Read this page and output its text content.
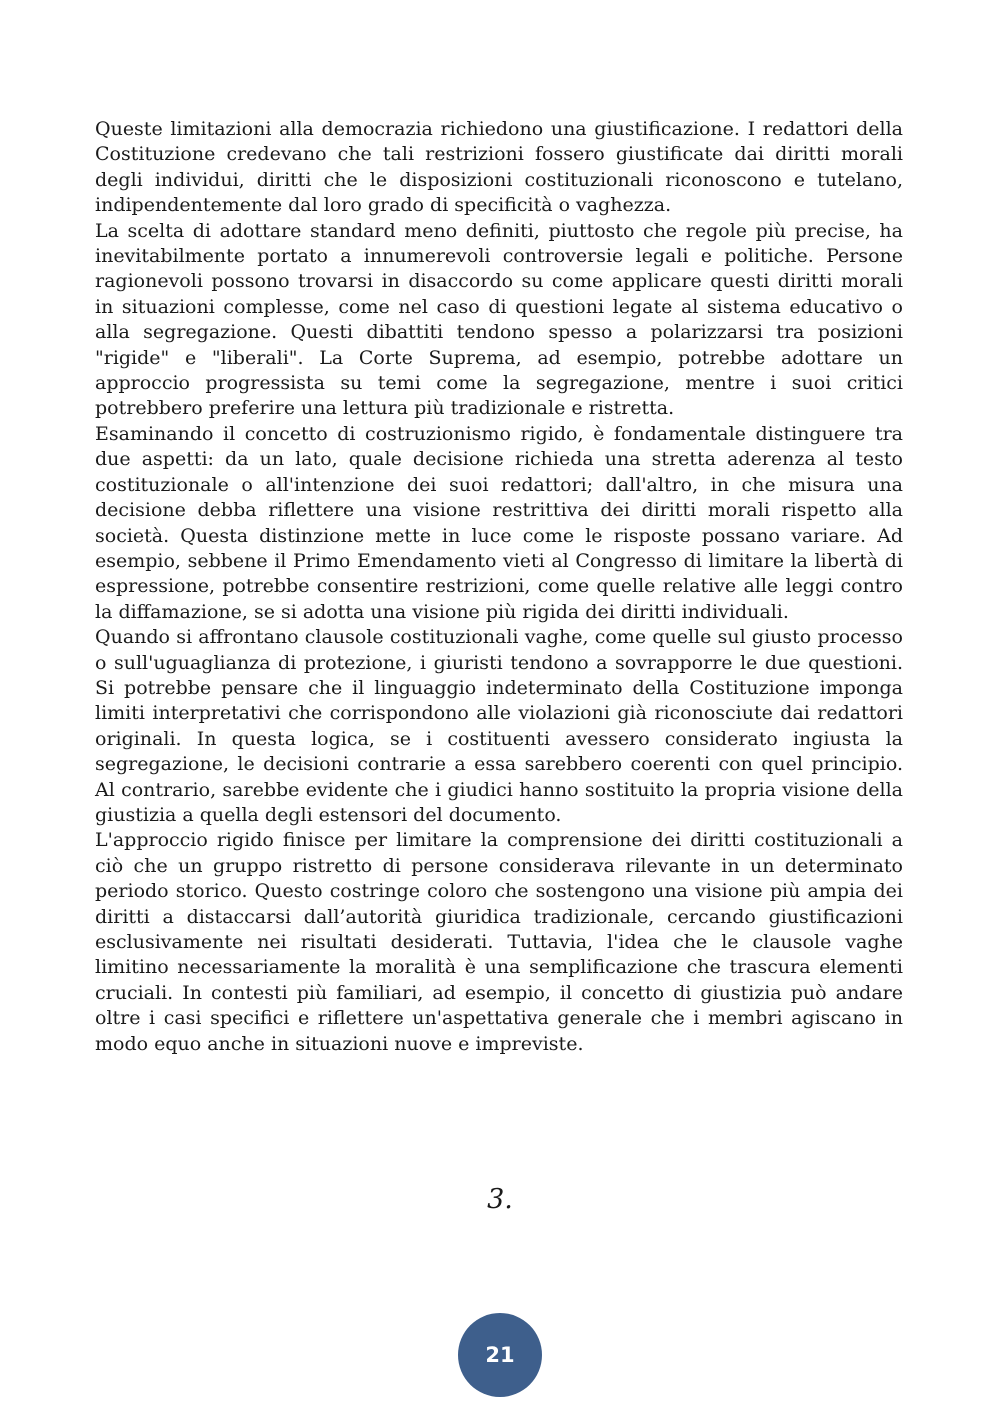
Queste limitazioni alla democrazia richiedono una giustificazione. I redattori della Costituzione credevano che tali restrizioni fossero giustificate dai diritti morali degli individui, diritti che le disposizioni costituzionali riconoscono e tutelano, indipendentemente dal loro grado di specificità o vaghezza.

La scelta di adottare standard meno definiti, piuttosto che regole più precise, ha inevitabilmente portato a innumerevoli controversie legali e politiche. Persone ragionevoli possono trovarsi in disaccordo su come applicare questi diritti morali in situazioni complesse, come nel caso di questioni legate al sistema educativo o alla segregazione. Questi dibattiti tendono spesso a polarizzarsi tra posizioni "rigide" e "liberali". La Corte Suprema, ad esempio, potrebbe adottare un approccio progressista su temi come la segregazione, mentre i suoi critici potrebbero preferire una lettura più tradizionale e ristretta.

Esaminando il concetto di costruzionismo rigido, è fondamentale distinguere tra due aspetti: da un lato, quale decisione richieda una stretta aderenza al testo costituzionale o all'intenzione dei suoi redattori; dall'altro, in che misura una decisione debba riflettere una visione restrittiva dei diritti morali rispetto alla società. Questa distinzione mette in luce come le risposte possano variare. Ad esempio, sebbene il Primo Emendamento vieti al Congresso di limitare la libertà di espressione, potrebbe consentire restrizioni, come quelle relative alle leggi contro la diffamazione, se si adotta una visione più rigida dei diritti individuali.

Quando si affrontano clausole costituzionali vaghe, come quelle sul giusto processo o sull'uguaglianza di protezione, i giuristi tendono a sovrapporre le due questioni. Si potrebbe pensare che il linguaggio indeterminato della Costituzione imponga limiti interpretativi che corrispondono alle violazioni già riconosciute dai redattori originali. In questa logica, se i costituenti avessero considerato ingiusta la segregazione, le decisioni contrarie a essa sarebbero coerenti con quel principio. Al contrario, sarebbe evidente che i giudici hanno sostituito la propria visione della giustizia a quella degli estensori del documento.

L'approccio rigido finisce per limitare la comprensione dei diritti costituzionali a ciò che un gruppo ristretto di persone considerava rilevante in un determinato periodo storico. Questo costringe coloro che sostengono una visione più ampia dei diritti a distaccarsi dall’autorità giuridica tradizionale, cercando giustificazioni esclusivamente nei risultati desiderati. Tuttavia, l'idea che le clausole vaghe limitino necessariamente la moralità è una semplificazione che trascura elementi cruciali. In contesti più familiari, ad esempio, il concetto di giustizia può andare oltre i casi specifici e riflettere un'aspettativa generale che i membri agiscano in modo equo anche in situazioni nuove e impreviste.

3.
21
